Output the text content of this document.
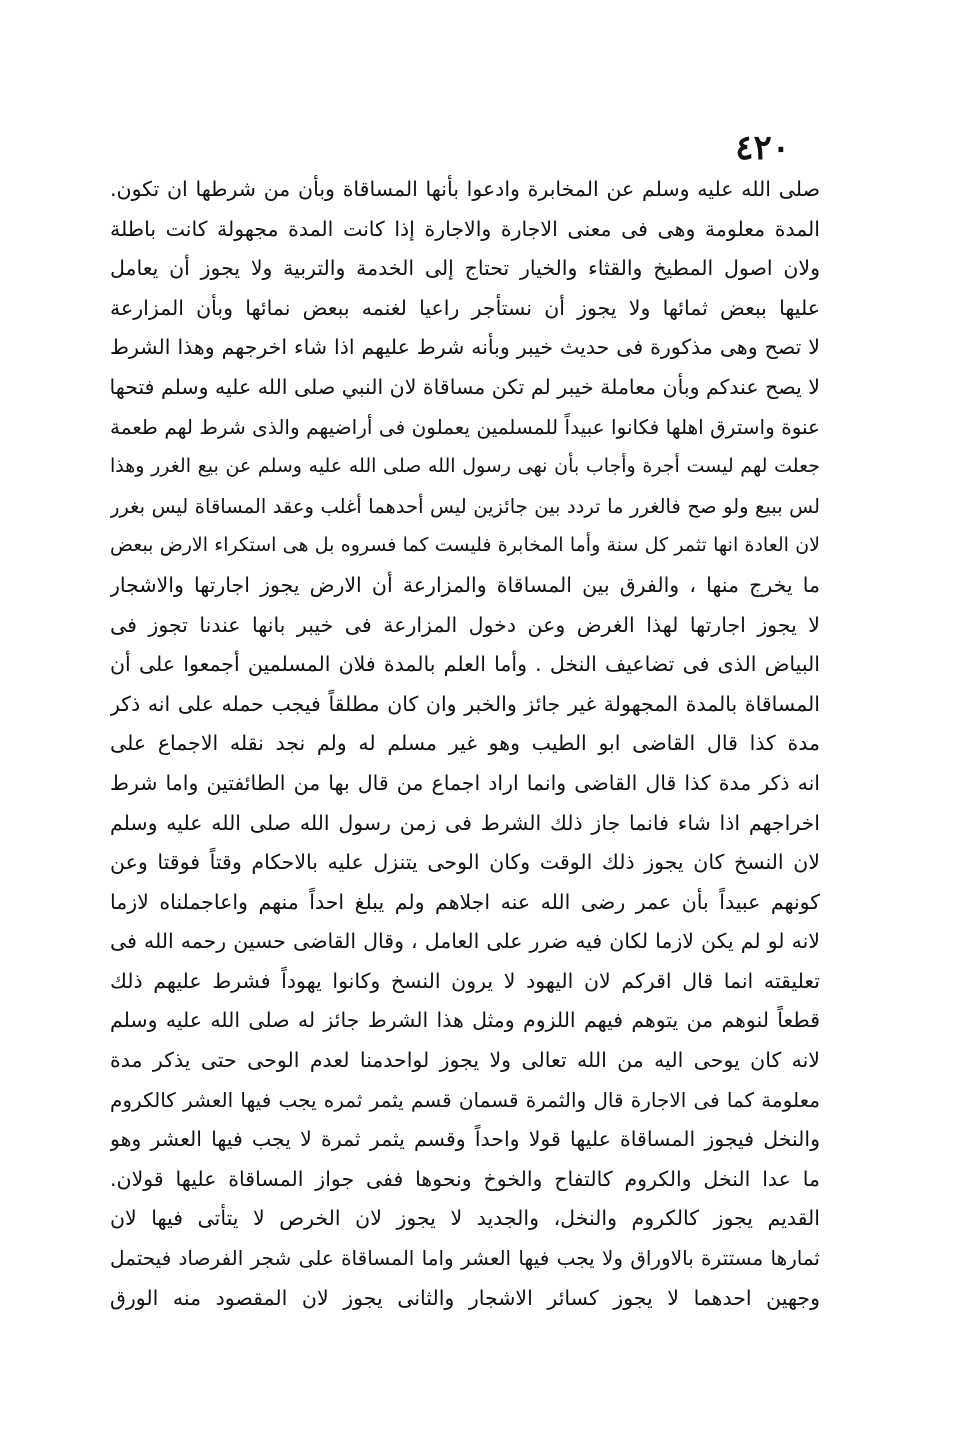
٤٢٠
صلى الله عليه وسلم عن المخابرة وادعوا بأنها المساقاة وبأن من شرطها ان تكون.
المدة معلومة وهى فى معنى الاجارة والاجارة إذا كانت المدة مجهولة كانت باطلة
ولان اصول المطيخ والقثاء والخيار تحتاج إلى الخدمة والتربية ولا يجوز أن يعامل
عليها ببعض ثمائها ولا يجوز أن نستأجر راعيا لغنمه ببعض نمائها وبأن المزارعة
لا تصح وهى مذكورة فى حديث خيبر وبأنه شرط عليهم اذا شاء اخرجهم وهذا الشرط
لا يصح عندكم وبأن معاملة خيبر لم تكن مساقاة لان النبي صلى الله عليه وسلم فتحها
عنوة واسترق اهلها فكانوا عبيداً للمسلمين يعملون فى أراضيهم والذى شرط لهم طعمة
جعلت لهم ليست أجرة وأجاب بأن نهى رسول الله صلى الله عليه وسلم عن بيع الغرر وهذا
لس ببيع ولو صح فالغرر ما تردد بين جائزين ليس أحدهما أغلب وعقد المساقاة ليس بغرر
لان العادة انها تثمر كل سنة وأما المخابرة فليست كما فسروه بل هى استكراء الارض ببعض
ما يخرج منها ، والفرق بين المساقاة والمزارعة أن الارض يجوز اجارتها والاشجار
لا يجوز اجارتها لهذا الغرض وعن دخول المزارعة فى خيبر بانها عندنا تجوز فى
البياض الذى فى تضاعيف النخل . وأما العلم بالمدة فلان المسلمين أجمعوا على أن
المساقاة بالمدة المجهولة غير جائز والخبر وان كان مطلقاً فيجب حمله على انه ذكر
مدة كذا قال القاضى ابو الطيب وهو غير مسلم له ولم نجد نقله الاجماع على
انه ذكر مدة كذا قال القاضى وانما اراد اجماع من قال بها من الطائفتين واما شرط
اخراجهم اذا شاء فانما جاز ذلك الشرط فى زمن رسول الله صلى الله عليه وسلم
لان النسخ كان يجوز ذلك الوقت وكان الوحى يتنزل عليه بالاحكام وقتاً فوقتا وعن
كونهم عبيداً بأن عمر رضى الله عنه اجلاهم ولم يبلغ احداً منهم واعاجملناه لازما
لانه لو لم يكن لازما لكان فيه ضرر على العامل ، وقال القاضى حسين رحمه الله فى
تعليقته انما قال اقركم لان اليهود لا يرون النسخ وكانوا يهوداً فشرط عليهم ذلك
قطعاً لنوهم من يتوهم فيهم اللزوم ومثل هذا الشرط جائز له صلى الله عليه وسلم
لانه كان يوحى اليه من الله تعالى ولا يجوز لواحدمنا لعدم الوحى حتى يذكر مدة
معلومة كما فى الاجارة قال والثمرة قسمان قسم يثمر ثمره يجب فيها العشر كالكروم
والنخل فيجوز المساقاة عليها قولا واحداً وقسم يثمر ثمرة لا يجب فيها العشر وهو
ما عدا النخل والكروم كالتفاح والخوخ ونحوها ففى جواز المساقاة عليها قولان.
القديم يجوز كالكروم والنخل، والجديد لا يجوز لان الخرص لا يتأتى فيها لان
ثمارها مستترة بالاوراق ولا يجب فيها العشر واما المساقاة على شجر الفرصاد فيحتمل
وجهين احدهما لا يجوز كسائر الاشجار والثانى يجوز لان المقصود منه الورق
